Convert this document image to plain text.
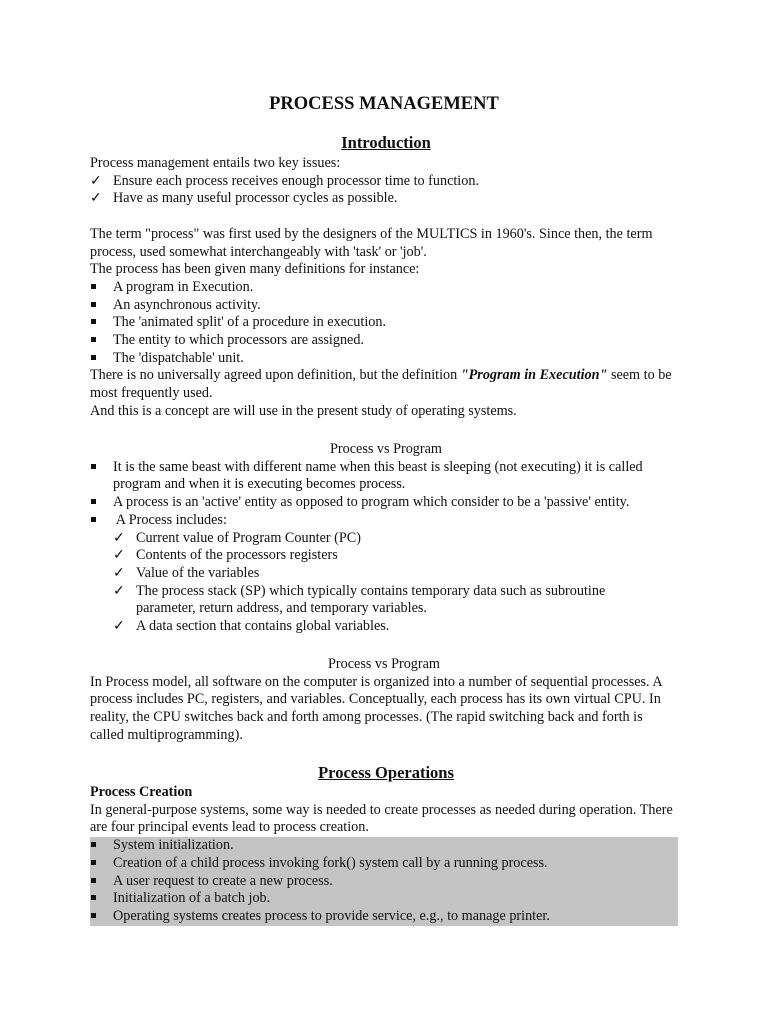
PROCESS MANAGEMENT
Introduction

Process management entails two key issues:

✓ Ensure each process receives enough processor time to function.
✓ Have as many useful processor cycles as possible.

The term "process" was first used by the designers of the MULTICS in 1960's. Since then, the term process, used somewhat interchangeably with 'task' or 'job'.

The process has been given many definitions for instance:

A program in Execution.
An asynchronous activity.
The 'animated split' of a procedure in execution.
The entity to which processors are assigned.
The 'dispatchable' unit.

There is no universally agreed upon definition, but the definition "Program in Execution" seem to be most frequently used.

And this is a concept are will use in the present study of operating systems.

Process vs Program

It is the same beast with different name when this beast is sleeping (not executing) it is called program and when it is executing becomes process.
A process is an 'active' entity as opposed to program which consider to be a 'passive' entity.
A Process includes:
✓ Current value of Program Counter (PC)
✓ Contents of the processors registers
✓ Value of the variables
✓ The process stack (SP) which typically contains temporary data such as subroutine parameter, return address, and temporary variables.
✓ A data section that contains global variables.

Process vs Program

In Process model, all software on the computer is organized into a number of sequential processes. A process includes PC, registers, and variables. Conceptually, each process has its own virtual CPU. In reality, the CPU switches back and forth among processes. (The rapid switching back and forth is called multiprogramming).

Process Operations

Process Creation

In general-purpose systems, some way is needed to create processes as needed during operation. There are four principal events lead to process creation.

System initialization.
Creation of a child process invoking fork() system call by a running process.
A user request to create a new process.
Initialization of a batch job.
Operating systems creates process to provide service, e.g., to manage printer.
